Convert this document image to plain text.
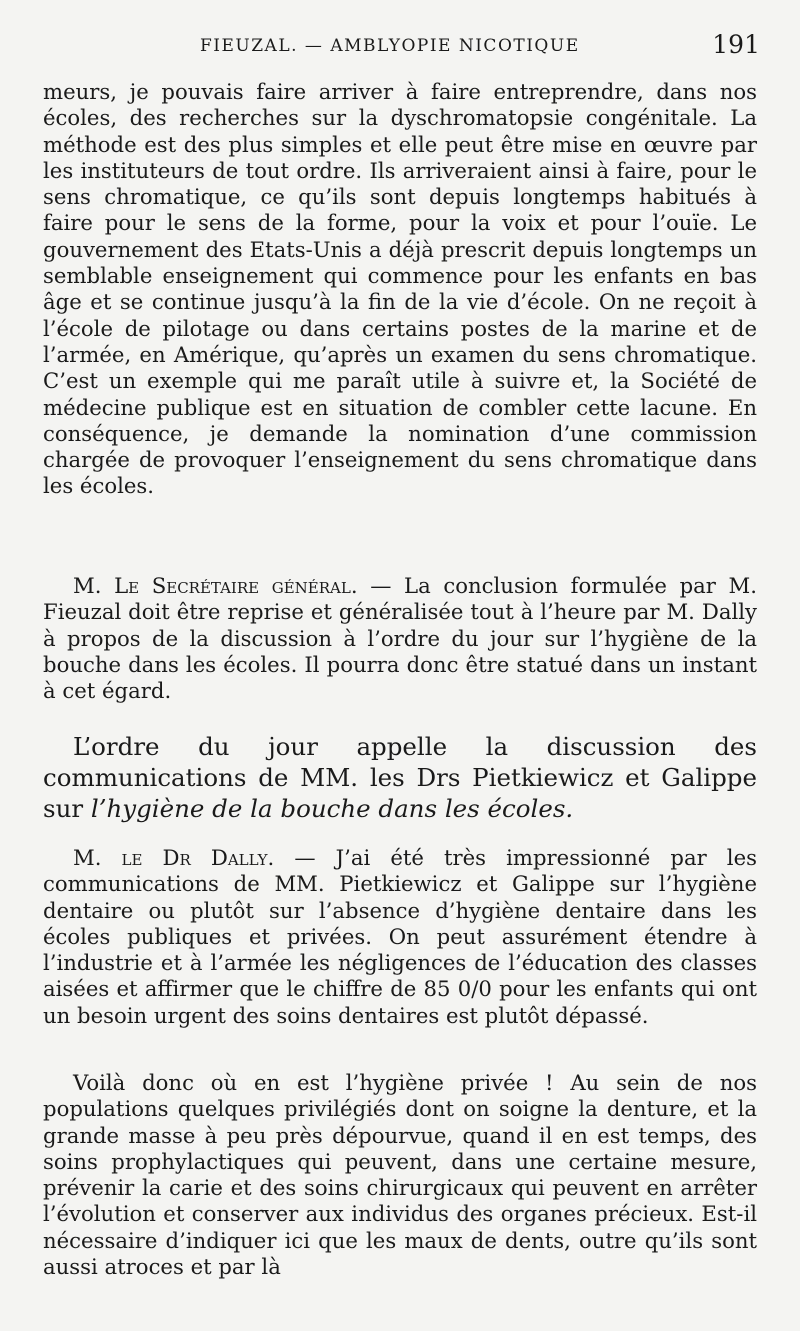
FIEUZAL. — AMBLYOPIE NICOTIQUE	191

meurs, je pouvais faire arriver à faire entreprendre, dans nos écoles, des recherches sur la dyschromatopsie congénitale. La méthode est des plus simples et elle peut être mise en œuvre par les instituteurs de tout ordre. Ils arriveraient ainsi à faire, pour le sens chromatique, ce qu’ils sont depuis longtemps habitués à faire pour le sens de la forme, pour la voix et pour l’ouïe. Le gouvernement des Etats-Unis a déjà prescrit depuis longtemps un semblable enseignement qui commence pour les enfants en bas âge et se continue jusqu’à la fin de la vie d’école. On ne reçoit à l’école de pilotage ou dans certains postes de la marine et de l’armée, en Amérique, qu’après un examen du sens chromatique. C’est un exemple qui me paraît utile à suivre et, la Société de médecine publique est en situation de combler cette lacune. En conséquence, je demande la nomination d’une commission chargée de provoquer l’enseignement du sens chromatique dans les écoles.

M. Le Secrétaire général. — La conclusion formulée par M. Fieuzal doit être reprise et généralisée tout à l’heure par M. Dally à propos de la discussion à l’ordre du jour sur l’hygiène de la bouche dans les écoles. Il pourra donc être statué dans un instant à cet égard.

L’ordre du jour appelle la discussion des communications de MM. les Drs Pietkiewicz et Galippe sur l’hygiène de la bouche dans les écoles.

M. le Dr Dally. — J’ai été très impressionné par les communications de MM. Pietkiewicz et Galippe sur l’hygiène dentaire ou plutôt sur l’absence d’hygiène dentaire dans les écoles publiques et privées. On peut assurément étendre à l’industrie et à l’armée les négligences de l’éducation des classes aisées et affirmer que le chiffre de 85 0/0 pour les enfants qui ont un besoin urgent des soins dentaires est plutôt dépassé.

Voilà donc où en est l’hygiène privée ! Au sein de nos populations quelques privilégiés dont on soigne la denture, et la grande masse à peu près dépourvue, quand il en est temps, des soins prophylactiques qui peuvent, dans une certaine mesure, prévenir la carie et des soins chirurgicaux qui peuvent en arrêter l’évolution et conserver aux individus des organes précieux. Est-il nécessaire d’indiquer ici que les maux de dents, outre qu’ils sont aussi atroces et par là
